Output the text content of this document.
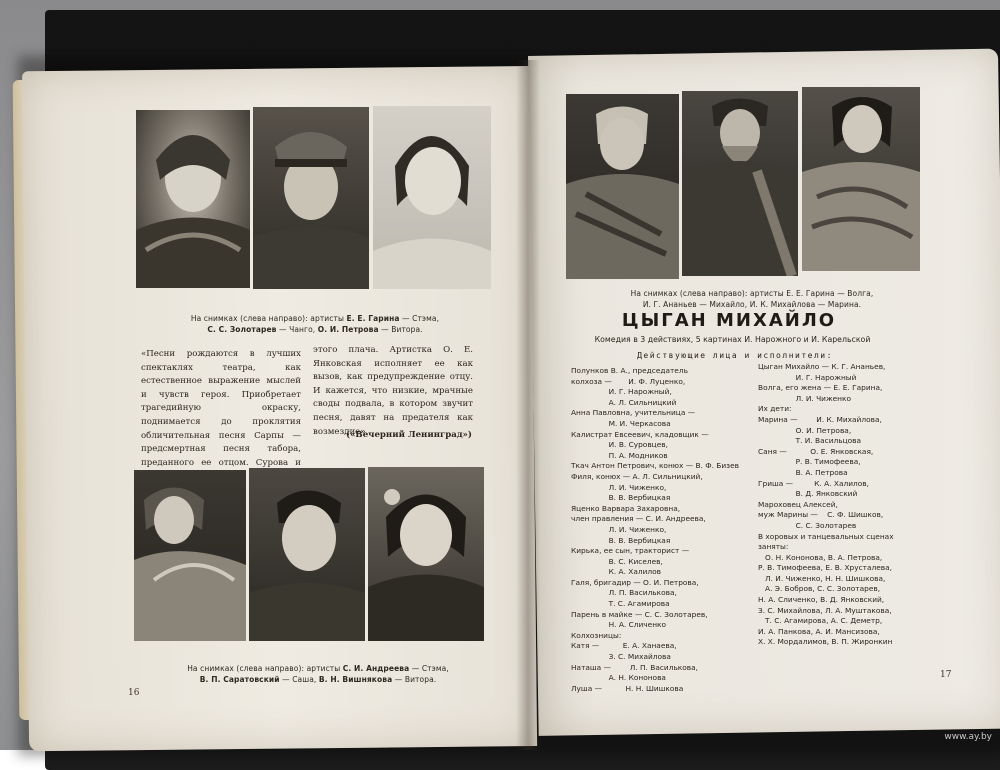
На снимках (слева направо): артисты Е. Е. Гарина — Стэма,
С. С. Золотарев — Чанго, О. И. Петрова — Витора.
«Песни рождаются в лучших спектаклях театра, как естественное выражение мыслей и чувств героя. Приобретает трагедийную окраску, поднимается до проклятия обличительная песня Сарпы — предсмертная песня табора, преданного ее отцом. Сурова и
этого плача. Артистка О. Е. Янковская исполняет ее как вызов, как предупреждение отцу. И кажется, что низкие, мрачные своды подвала, в котором звучит песня, давят на предателя как возмездие».
(«Вечерний Ленинград»)
На снимках (слева направо): артисты С. И. Андреева — Стэма,
В. П. Саратовский — Саша, В. Н. Вишнякова — Витора.
16
На снимках (слева направо): артисты Е. Е. Гарина — Волга,
И. Г. Ананьев — Михайло, И. К. Михайлова — Марина.
ЦЫГАН МИХАЙЛО
Комедия в 3 действиях, 5 картинах И. Нарожного и И. Карельской
Действующие лица и исполнители:
Полунков В. А., председатель
колхоза —       И. Ф. Луценко,
И. Г. Нарожный,
А. Л. Сильницкий
Анна Павловна, учительница —
М. И. Черкасова
Калистрат Евсеевич, кладовщик —
И. В. Суровцев,
П. А. Модников
Ткач Антон Петрович, конюх — В. Ф. Бизев
Филя, конюх — А. Л. Сильницкий,
Л. И. Чиженко,
В. В. Вербицкая
Яценко Варвара Захаровна,
член правления — С. И. Андреева,
Л. И. Чиженко,
В. В. Вербицкая
Кирька, ее сын, тракторист —
В. С. Киселев,
К. А. Халилов
Галя, бригадир — О. И. Петрова,
Л. П. Василькова,
Т. С. Агамирова
Парень в майке — С. С. Золотарев,
Н. А. Сличенко
Колхозницы:
Катя —          Е. А. Ханаева,
З. С. Михайлова
Наташа —        Л. П. Василькова,
А. Н. Кононова
Луша —          Н. Н. Шишкова
Цыган Михайло — К. Г. Ананьев,
И. Г. Нарожный
Волга, его жена — Е. Е. Гарина,
Л. И. Чиженко
Их дети:
Марина —        И. К. Михайлова,
О. И. Петрова,
Т. И. Васильцова
Саня —          О. Е. Янковская,
Р. В. Тимофеева,
В. А. Петрова
Гриша —         К. А. Халилов,
В. Д. Янковский
Мароховец Алексей,
муж Марины —    С. Ф. Шишков,
С. С. Золотарев
В хоровых и танцевальных сценах
заняты:
О. Н. Кононова, В. А. Петрова,
Р. В. Тимофеева, Е. В. Хрусталева,
Л. И. Чиженко, Н. Н. Шишкова,
А. Э. Бобров, С. С. Золотарев,
Н. А. Сличенко, В. Д. Янковский,
З. С. Михайлова, Л. А. Муштакова,
Т. С. Агамирова, А. С. Деметр,
И. А. Панкова, А. И. Мансизова,
Х. Х. Мордалимов, В. П. Жиронкин
17
www.ay.by
